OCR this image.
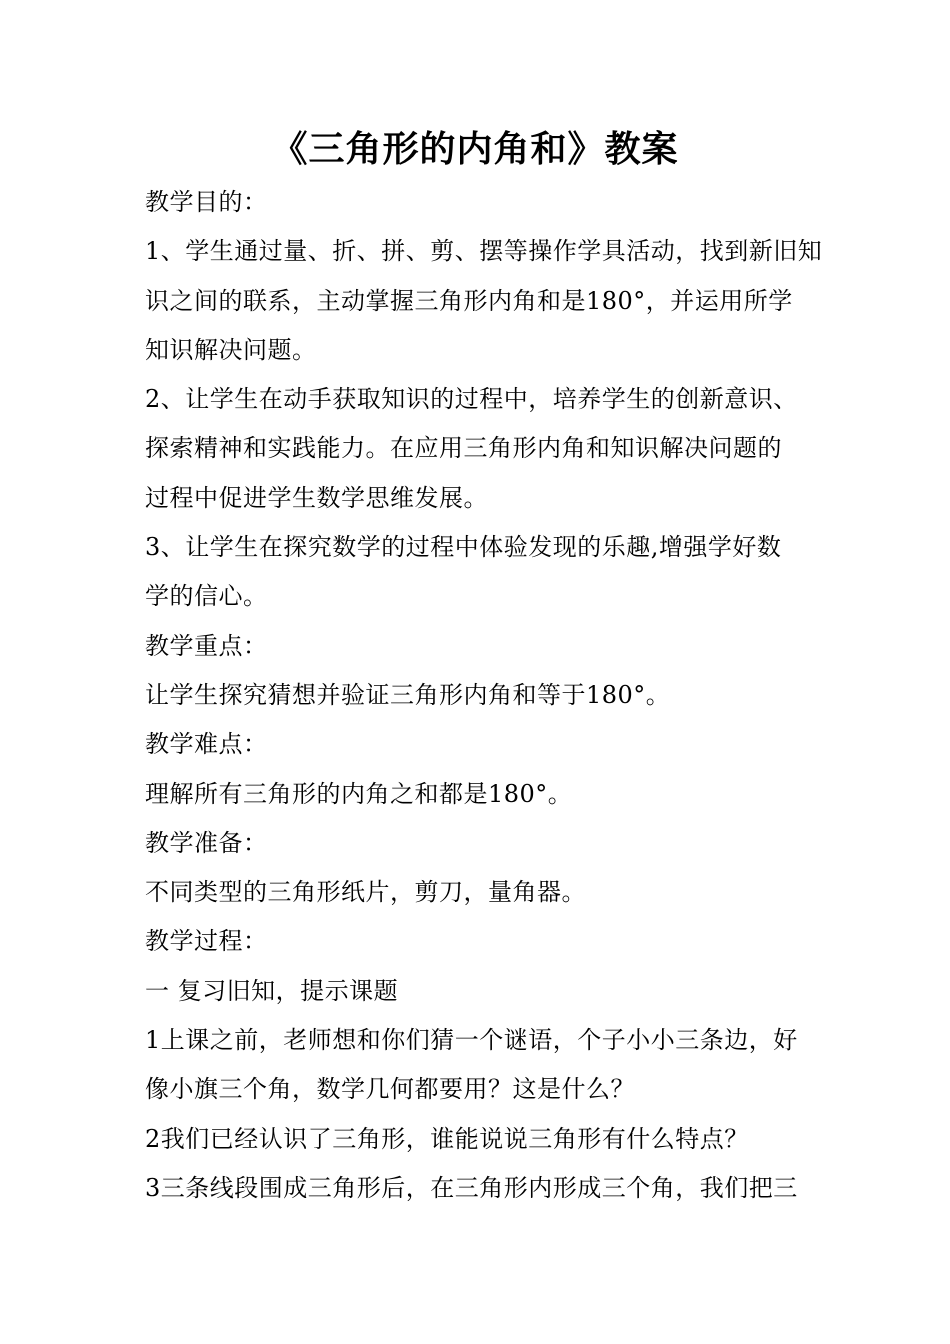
《三角形的内角和》教案
教学目的：
1、学生通过量、折、拼、剪、摆等操作学具活动，找到新旧知
识之间的联系，主动掌握三角形内角和是180°，并运用所学
知识解决问题。
2、让学生在动手获取知识的过程中，培养学生的创新意识、
探索精神和实践能力。在应用三角形内角和知识解决问题的
过程中促进学生数学思维发展。
3、让学生在探究数学的过程中体验发现的乐趣,增强学好数
学的信心。
教学重点：
让学生探究猜想并验证三角形内角和等于180°。
教学难点：
理解所有三角形的内角之和都是180°。
教学准备：
不同类型的三角形纸片，剪刀，量角器。
教学过程：
一 复习旧知，提示课题
1上课之前，老师想和你们猜一个谜语，个子小小三条边，好
像小旗三个角，数学几何都要用？这是什么？
2我们已经认识了三角形，谁能说说三角形有什么特点？
3三条线段围成三角形后，在三角形内形成三个角，我们把三
